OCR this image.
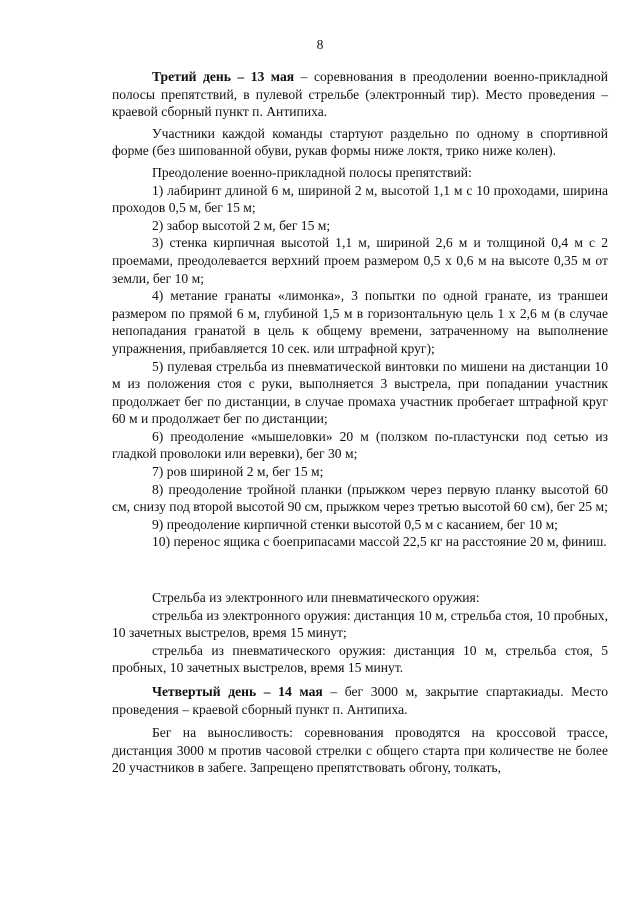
8

Третий день – 13 мая – соревнования в преодолении военно-прикладной полосы препятствий, в пулевой стрельбе (электронный тир). Место проведения – краевой сборный пункт п. Антипиха.

Участники каждой команды стартуют раздельно по одному в спортивной форме (без шипованной обуви, рукав формы ниже локтя, трико ниже колен).

Преодоление военно-прикладной полосы препятствий:

1) лабиринт длиной 6 м, шириной 2 м, высотой 1,1 м с 10 проходами, ширина проходов 0,5 м, бег 15 м;

2) забор высотой 2 м, бег 15 м;

3) стенка кирпичная высотой 1,1 м, шириной 2,6 м и толщиной 0,4 м с 2 проемами, преодолевается верхний проем размером 0,5 х 0,6 м на высоте 0,35 м от земли, бег 10 м;

4) метание гранаты «лимонка», 3 попытки по одной гранате, из траншеи размером по прямой 6 м, глубиной 1,5 м в горизонтальную цель 1 х 2,6 м (в случае непопадания гранатой в цель к общему времени, затраченному на выполнение упражнения, прибавляется 10 сек. или штрафной круг);

5) пулевая стрельба из пневматической винтовки по мишени на дистанции 10 м из положения стоя с руки, выполняется 3 выстрела, при попадании участник продолжает бег по дистанции, в случае промаха участник пробегает штрафной круг 60 м и продолжает бег по дистанции;

6) преодоление «мышеловки» 20 м (ползком по-пластунски под сетью из гладкой проволоки или веревки), бег 30 м;

7) ров шириной 2 м, бег 15 м;

8) преодоление тройной планки (прыжком через первую планку высотой 60 см, снизу под второй высотой 90 см, прыжком через третью высотой 60 см), бег 25 м;

9) преодоление кирпичной стенки высотой 0,5 м с касанием, бег 10 м;

10) перенос ящика с боеприпасами массой 22,5 кг на расстояние 20 м, финиш.

Стрельба из электронного или пневматического оружия:

стрельба из электронного оружия: дистанция 10 м, стрельба стоя, 10 пробных, 10 зачетных выстрелов, время 15 минут;

стрельба из пневматического оружия: дистанция 10 м, стрельба стоя, 5 пробных, 10 зачетных выстрелов, время 15 минут.

Четвертый день – 14 мая – бег 3000 м, закрытие спартакиады. Место проведения – краевой сборный пункт п. Антипиха.

Бег на выносливость: соревнования проводятся на кроссовой трассе, дистанция 3000 м против часовой стрелки с общего старта при количестве не более 20 участников в забеге. Запрещено препятствовать обгону, толкать,
